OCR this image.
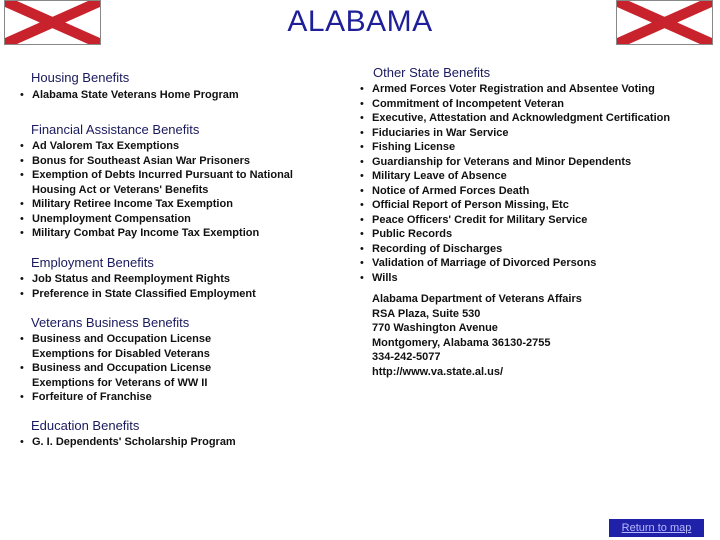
ALABAMA
Housing Benefits
• Alabama State Veterans Home Program
Financial Assistance Benefits
• Ad Valorem Tax Exemptions
• Bonus for Southeast Asian War Prisoners
• Exemption of Debts Incurred Pursuant to National Housing Act or Veterans' Benefits
• Military Retiree Income Tax Exemption
• Unemployment Compensation
• Military Combat Pay Income Tax Exemption
Employment Benefits
• Job Status and Reemployment Rights
• Preference in State Classified Employment
Veterans Business Benefits
• Business and Occupation License Exemptions for Disabled Veterans
• Business and Occupation License Exemptions for Veterans of WW II
• Forfeiture of Franchise
Education Benefits
• G. I. Dependents' Scholarship Program
Other State Benefits
• Armed Forces Voter Registration and Absentee Voting
• Commitment of Incompetent Veteran
• Executive, Attestation and Acknowledgment Certification
• Fiduciaries in War Service
• Fishing License
• Guardianship for Veterans and Minor Dependents
• Military Leave of Absence
• Notice of Armed Forces Death
• Official Report of Person Missing, Etc
• Peace Officers' Credit for Military Service
• Public Records
• Recording of Discharges
• Validation of Marriage of Divorced Persons
• Wills
Alabama Department of Veterans Affairs
RSA Plaza, Suite 530
770 Washington Avenue
Montgomery, Alabama 36130-2755
334-242-5077
http://www.va.state.al.us/
Return to map
